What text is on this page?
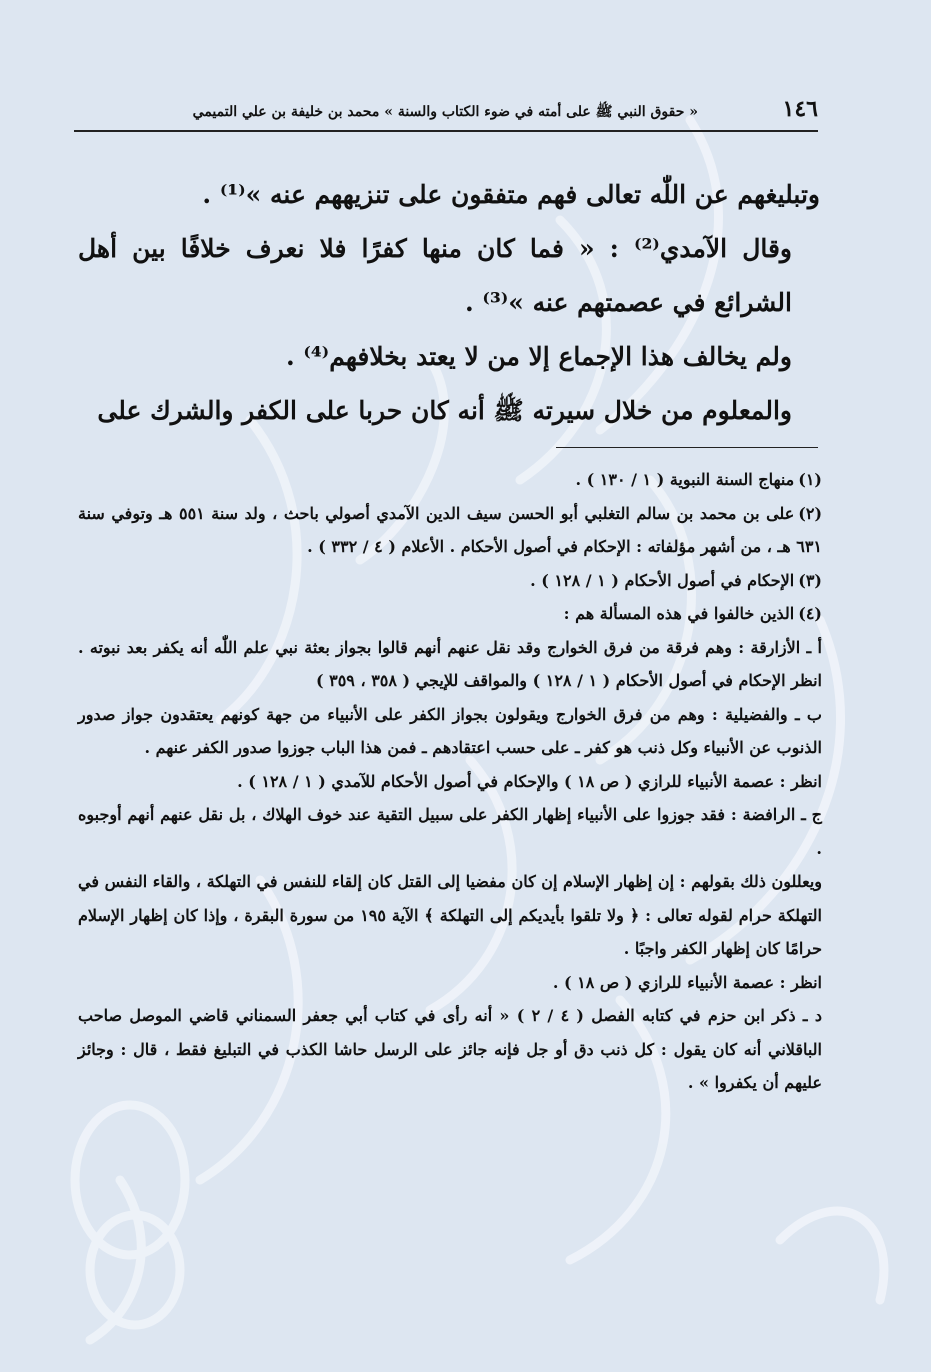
١٤٦
« حقوق النبي ﷺ على أمته في ضوء الكتاب والسنة » محمد بن خليفة بن علي التميمي

وتبليغهم عن اللّٰه تعالى فهم متفقون على تنزيههم عنه »⁽¹⁾ .

وقال الآمدي⁽²⁾ : « فما كان منها كفرًا فلا نعرف خلافًا بين أهل الشرائع في عصمتهم عنه »⁽³⁾ .

ولم يخالف هذا الإجماع إلا من لا يعتد بخلافهم⁽⁴⁾ .

والمعلوم من خلال سيرته ﷺ أنه كان حربا على الكفر والشرك على

(١)منهاج السنة النبوية ( ١ / ١٣٠ ) .

(٢)على بن محمد بن سالم التغلبي أبو الحسن سيف الدين الآمدي أصولي باحث ، ولد سنة ٥٥١ هـ وتوفي سنة ٦٣١ هـ ، من أشهر مؤلفاته : الإحكام في أصول الأحكام . الأعلام ( ٤ / ٣٣٢ ) .

(٣)الإحكام في أصول الأحكام ( ١ / ١٢٨ ) .

(٤)الذين خالفوا في هذه المسألة هم :

أ ـ الأزارقة : وهم فرقة من فرق الخوارج وقد نقل عنهم أنهم قالوا بجواز بعثة نبي علم اللّٰه أنه يكفر بعد نبوته . انظر الإحكام في أصول الأحكام ( ١ / ١٢٨ ) والمواقف للإيجي ( ٣٥٨ ، ٣٥٩ )

ب ـ والفضيلية : وهم من فرق الخوارج ويقولون بجواز الكفر على الأنبياء من جهة كونهم يعتقدون جواز صدور الذنوب عن الأنبياء وكل ذنب هو كفر ـ على حسب اعتقادهم ـ فمن هذا الباب جوزوا صدور الكفر عنهم .

انظر : عصمة الأنبياء للرازي ( ص ١٨ ) والإحكام في أصول الأحكام للآمدي ( ١ / ١٢٨ ) .

ج ـ الرافضة : فقد جوزوا على الأنبياء إظهار الكفر على سبيل التقية عند خوف الهلاك ، بل نقل عنهم أنهم أوجبوه .

ويعللون ذلك بقولهم : إن إظهار الإسلام إن كان مفضيا إلى القتل كان إلقاء للنفس في التهلكة ، والقاء النفس في التهلكة حرام لقوله تعالى : ﴿ ولا تلقوا بأيديكم إلى التهلكة ﴾ الآية ١٩٥ من سورة البقرة ، وإذا كان إظهار الإسلام حرامًا كان إظهار الكفر واجبًا .

انظر : عصمة الأنبياء للرازي ( ص ١٨ ) .

د ـ ذكر ابن حزم في كتابه الفصل ( ٤ / ٢ ) « أنه رأى في كتاب أبي جعفر السمناني قاضي الموصل صاحب الباقلاني أنه كان يقول : كل ذنب دق أو جل فإنه جائز على الرسل حاشا الكذب في التبليغ فقط ، قال : وجائز عليهم أن يكفروا » .
